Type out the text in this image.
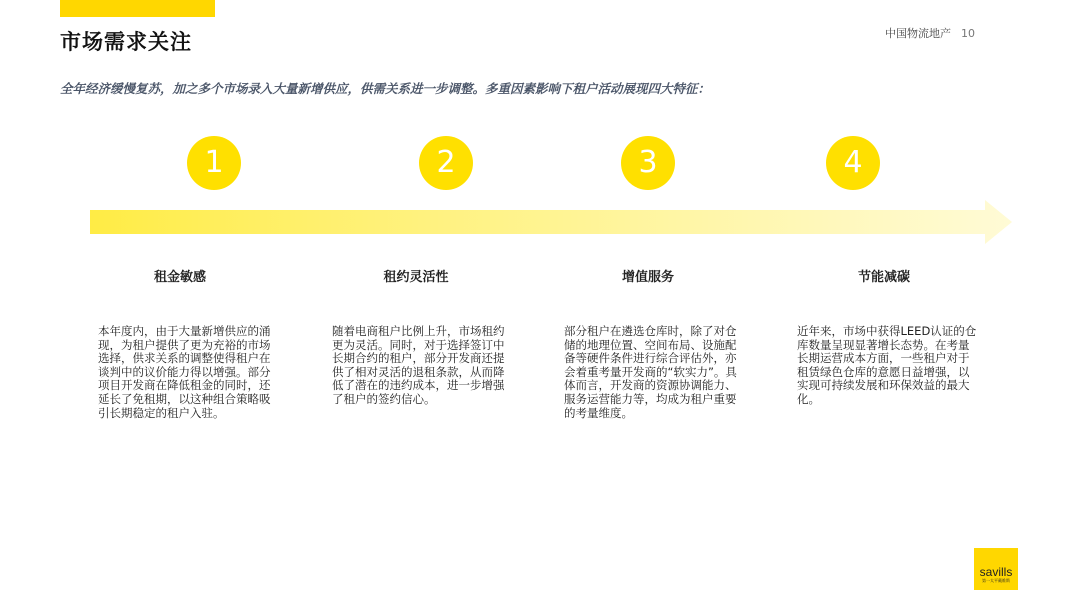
市场需求关注	中国物流地产 10
全年经济缓慢复苏，加之多个市场录入大量新增供应，供需关系进一步调整。多重因素影响下租户活动展现四大特征：
1	2	3	4
租金敏感	租约灵活性	增值服务	节能减碳
本年度内，由于大量新增供应的涌现，为租户提供了更为充裕的市场选择，供求关系的调整使得租户在谈判中的议价能力得以增强。部分项目开发商在降低租金的同时，还延长了免租期，以这种组合策略吸引长期稳定的租户入驻。
随着电商租户比例上升，市场租约更为灵活。同时，对于选择签订中长期合约的租户，部分开发商还提供了相对灵活的退租条款，从而降低了潜在的违约成本，进一步增强了租户的签约信心。
部分租户在遴选仓库时，除了对仓储的地理位置、空间布局、设施配备等硬件条件进行综合评估外，亦会着重考量开发商的“软实力”。具体而言，开发商的资源协调能力、服务运营能力等，均成为租户重要的考量维度。
近年来，市场中获得LEED认证的仓库数量呈现显著增长态势。在考量长期运营成本方面，一些租户对于租赁绿色仓库的意愿日益增强，以实现可持续发展和环保效益的最大化。
savills
第一太平戴维斯
